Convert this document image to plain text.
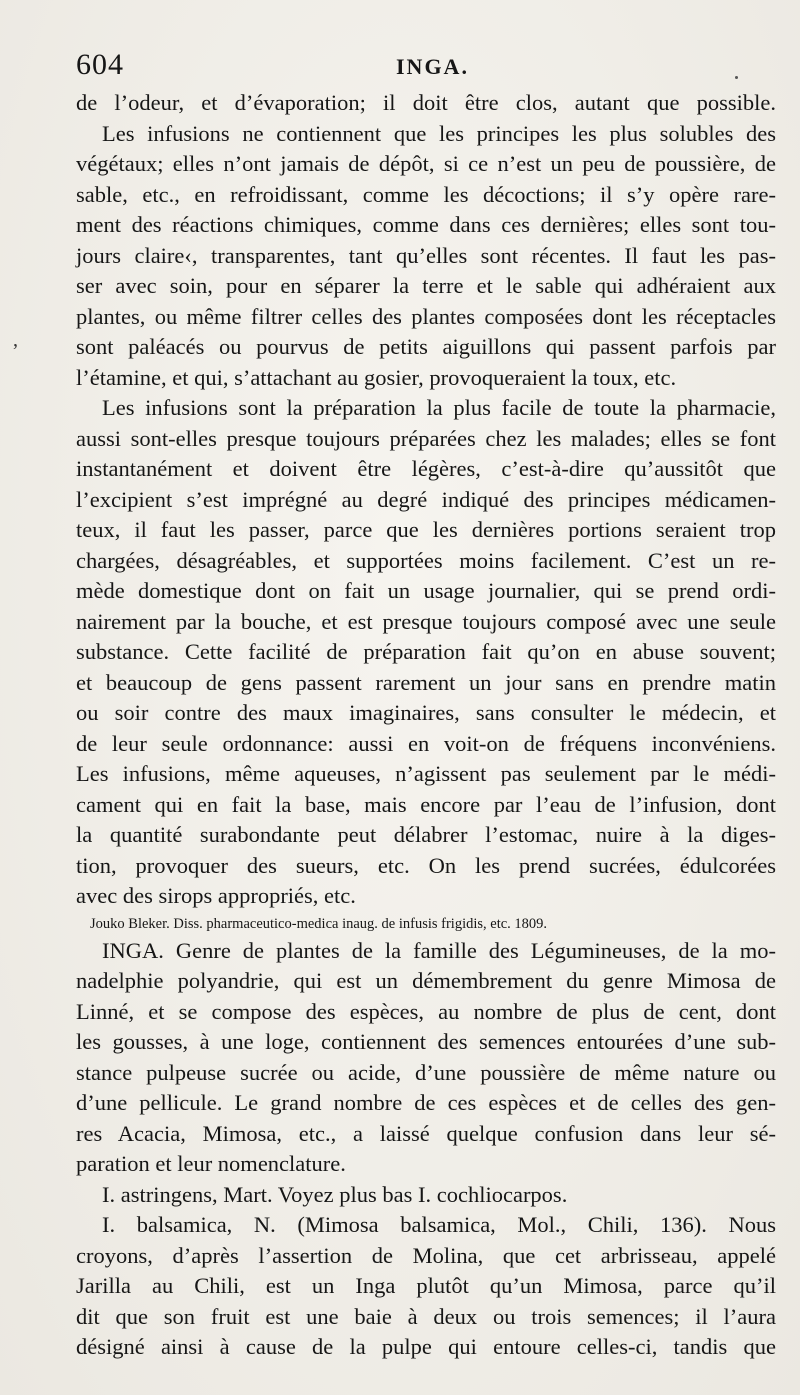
’
604	INGA.
de l’odeur, et d’évaporation; il doit être clos, autant que possible.
Les infusions ne contiennent que les principes les plus solubles des
végétaux; elles n’ont jamais de dépôt, si ce n’est un peu de poussière, de
sable, etc., en refroidissant, comme les décoctions; il s’y opère rare-
ment des réactions chimiques, comme dans ces dernières; elles sont tou-
jours claire‹, transparentes, tant qu’elles sont récentes. Il faut les pas-
ser avec soin, pour en séparer la terre et le sable qui adhéraient aux
plantes, ou même filtrer celles des plantes composées dont les réceptacles
sont paléacés ou pourvus de petits aiguillons qui passent parfois par
l’étamine, et qui, s’attachant au gosier, provoqueraient la toux, etc.
Les infusions sont la préparation la plus facile de toute la pharmacie,
aussi sont-elles presque toujours préparées chez les malades; elles se font
instantanément et doivent être légères, c’est-à-dire qu’aussitôt que
l’excipient s’est imprégné au degré indiqué des principes médicamen-
teux, il faut les passer, parce que les dernières portions seraient trop
chargées, désagréables, et supportées moins facilement. C’est un re-
mède domestique dont on fait un usage journalier, qui se prend ordi-
nairement par la bouche, et est presque toujours composé avec une seule
substance. Cette facilité de préparation fait qu’on en abuse souvent;
et beaucoup de gens passent rarement un jour sans en prendre matin
ou soir contre des maux imaginaires, sans consulter le médecin, et
de leur seule ordonnance: aussi en voit-on de fréquens inconvéniens.
Les infusions, même aqueuses, n’agissent pas seulement par le médi-
cament qui en fait la base, mais encore par l’eau de l’infusion, dont
la quantité surabondante peut délabrer l’estomac, nuire à la diges-
tion, provoquer des sueurs, etc. On les prend sucrées, édulcorées
avec des sirops appropriés, etc.
Jouko Bleker. Diss. pharmaceutico-medica inaug. de infusis frigidis, etc. 1809.
INGA. Genre de plantes de la famille des Légumineuses, de la mo-
nadelphie polyandrie, qui est un démembrement du genre Mimosa de
Linné, et se compose des espèces, au nombre de plus de cent, dont
les gousses, à une loge, contiennent des semences entourées d’une sub-
stance pulpeuse sucrée ou acide, d’une poussière de même nature ou
d’une pellicule. Le grand nombre de ces espèces et de celles des gen-
res Acacia, Mimosa, etc., a laissé quelque confusion dans leur sé-
paration et leur nomenclature.
I. astringens, Mart. Voyez plus bas I. cochliocarpos.
I. balsamica, N. (Mimosa balsamica, Mol., Chili, 136). Nous
croyons, d’après l’assertion de Molina, que cet arbrisseau, appelé
Jarilla au Chili, est un Inga plutôt qu’un Mimosa, parce qu’il
dit que son fruit est une baie à deux ou trois semences; il l’aura
désigné ainsi à cause de la pulpe qui entoure celles-ci, tandis que
